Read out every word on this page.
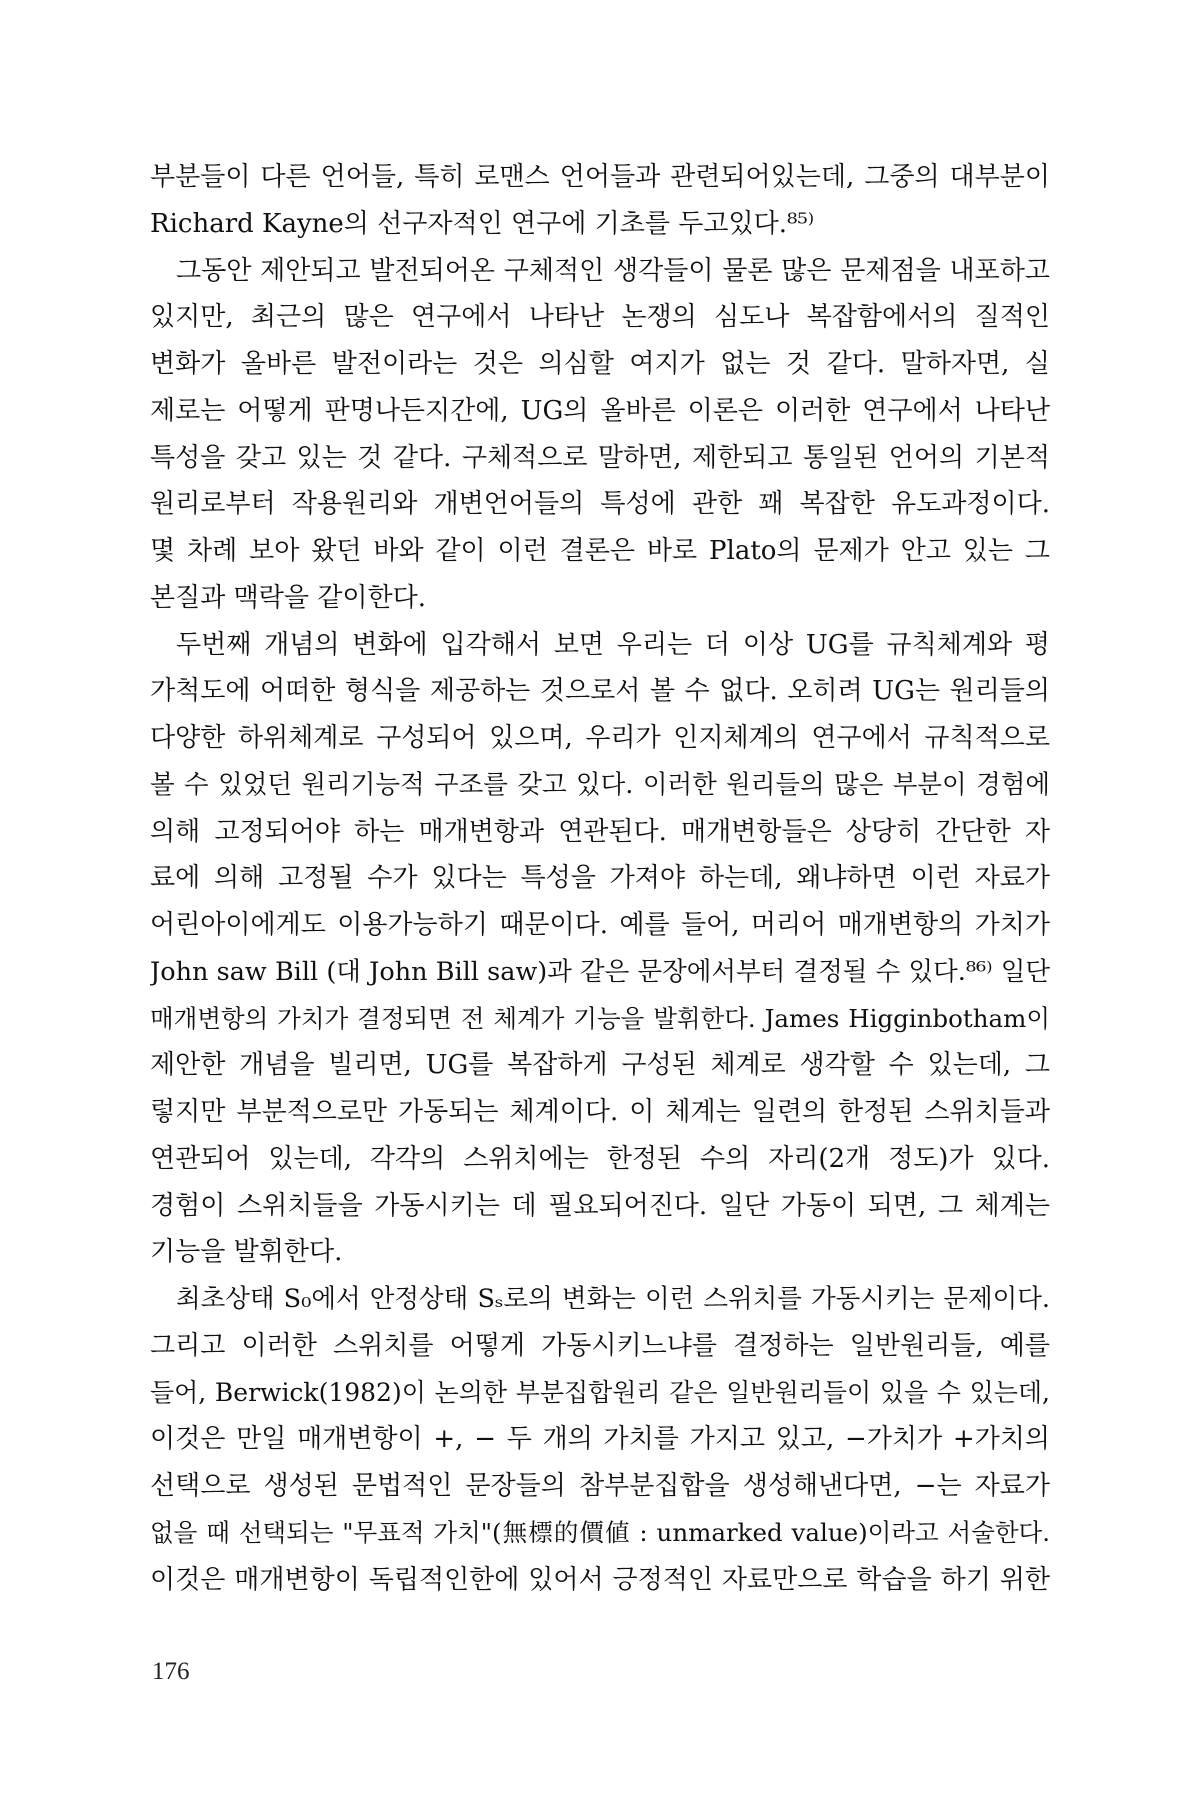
부분들이 다른 언어들, 특히 로맨스 언어들과 관련되어있는데, 그중의 대부분이
Richard Kayne의 선구자적인 연구에 기초를 두고있다.⁸⁵⁾
그동안 제안되고 발전되어온 구체적인 생각들이 물론 많은 문제점을 내포하고
있지만, 최근의 많은 연구에서 나타난 논쟁의 심도나 복잡함에서의 질적인
변화가 올바른 발전이라는 것은 의심할 여지가 없는 것 같다. 말하자면, 실
제로는 어떻게 판명나든지간에, UG의 올바른 이론은 이러한 연구에서 나타난
특성을 갖고 있는 것 같다. 구체적으로 말하면, 제한되고 통일된 언어의 기본적
원리로부터 작용원리와 개변언어들의 특성에 관한 꽤 복잡한 유도과정이다.
몇 차례 보아 왔던 바와 같이 이런 결론은 바로 Plato의 문제가 안고 있는 그
본질과 맥락을 같이한다.
두번째 개념의 변화에 입각해서 보면 우리는 더 이상 UG를 규칙체계와 평
가척도에 어떠한 형식을 제공하는 것으로서 볼 수 없다. 오히려 UG는 원리들의
다양한 하위체계로 구성되어 있으며, 우리가 인지체계의 연구에서 규칙적으로
볼 수 있었던 원리기능적 구조를 갖고 있다. 이러한 원리들의 많은 부분이 경험에
의해 고정되어야 하는 매개변항과 연관된다. 매개변항들은 상당히 간단한 자
료에 의해 고정될 수가 있다는 특성을 가져야 하는데, 왜냐하면 이런 자료가
어린아이에게도 이용가능하기 때문이다. 예를 들어, 머리어 매개변항의 가치가
John saw Bill (대 John Bill saw)과 같은 문장에서부터 결정될 수 있다.⁸⁶⁾ 일단
매개변항의 가치가 결정되면 전 체계가 기능을 발휘한다. James Higginbotham이
제안한 개념을 빌리면, UG를 복잡하게 구성된 체계로 생각할 수 있는데, 그
렇지만 부분적으로만 가동되는 체계이다. 이 체계는 일련의 한정된 스위치들과
연관되어 있는데, 각각의 스위치에는 한정된 수의 자리(2개 정도)가 있다.
경험이 스위치들을 가동시키는 데 필요되어진다. 일단 가동이 되면, 그 체계는
기능을 발휘한다.
최초상태 S₀에서 안정상태 Sₛ로의 변화는 이런 스위치를 가동시키는 문제이다.
그리고 이러한 스위치를 어떻게 가동시키느냐를 결정하는 일반원리들, 예를
들어, Berwick(1982)이 논의한 부분집합원리 같은 일반원리들이 있을 수 있는데,
이것은 만일 매개변항이 +, − 두 개의 가치를 가지고 있고, −가치가 +가치의
선택으로 생성된 문법적인 문장들의 참부분집합을 생성해낸다면, −는 자료가
없을 때 선택되는 "무표적 가치"(無標的價値 : unmarked value)이라고 서술한다.
이것은 매개변항이 독립적인한에 있어서 긍정적인 자료만으로 학습을 하기 위한
176
